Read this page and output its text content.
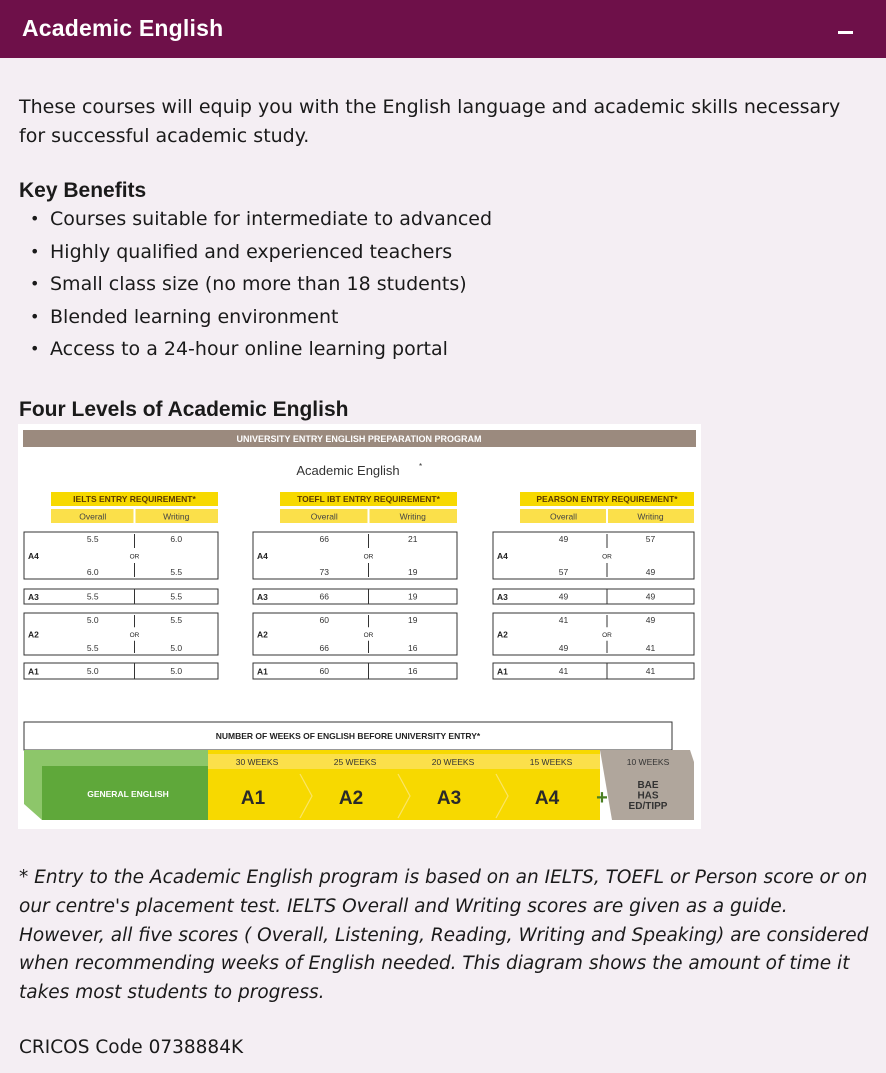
Academic English
These courses will equip you with the English language and academic skills necessary for successful academic study.
Key Benefits
• Courses suitable for intermediate to advanced
• Highly qualified and experienced teachers
• Small class size (no more than 18 students)
• Blended learning environment
• Access to a 24-hour online learning portal
Four Levels of Academic English
UNIVERSITY ENTRY ENGLISH PREPARATION PROGRAM
Academic English *
IELTS ENTRY REQUIREMENT*
Overall	Writing
A4	OR
5.5	6.0
6.0	5.5
A3	5.5	5.5
A2	OR
5.0	5.5
5.5	5.0
A1	5.0	5.0
TOEFL IBT ENTRY REQUIREMENT*
Overall	Writing
A4	OR
66	21
73	19
A3	66	19
A2	OR
60	19
66	16
A1	60	16
PEARSON ENTRY REQUIREMENT*
Overall	Writing
A4	OR
49	57
57	49
A3	49	49
A2	OR
41	49
49	41
A1	41	41
NUMBER OF WEEKS OF ENGLISH BEFORE UNIVERSITY ENTRY*
GENERAL ENGLISH
30 WEEKS
A1
25 WEEKS
A2
20 WEEKS
A3
15 WEEKS
A4 +
10 WEEKS
BAE
HAS
ED/TIPP
* Entry to the Academic English program is based on an IELTS, TOEFL or Person score or on our centre's placement test. IELTS Overall and Writing scores are given as a guide. However, all five scores ( Overall, Listening, Reading, Writing and Speaking) are considered when recommending weeks of English needed. This diagram shows the amount of time it takes most students to progress.
CRICOS Code 0738884K
